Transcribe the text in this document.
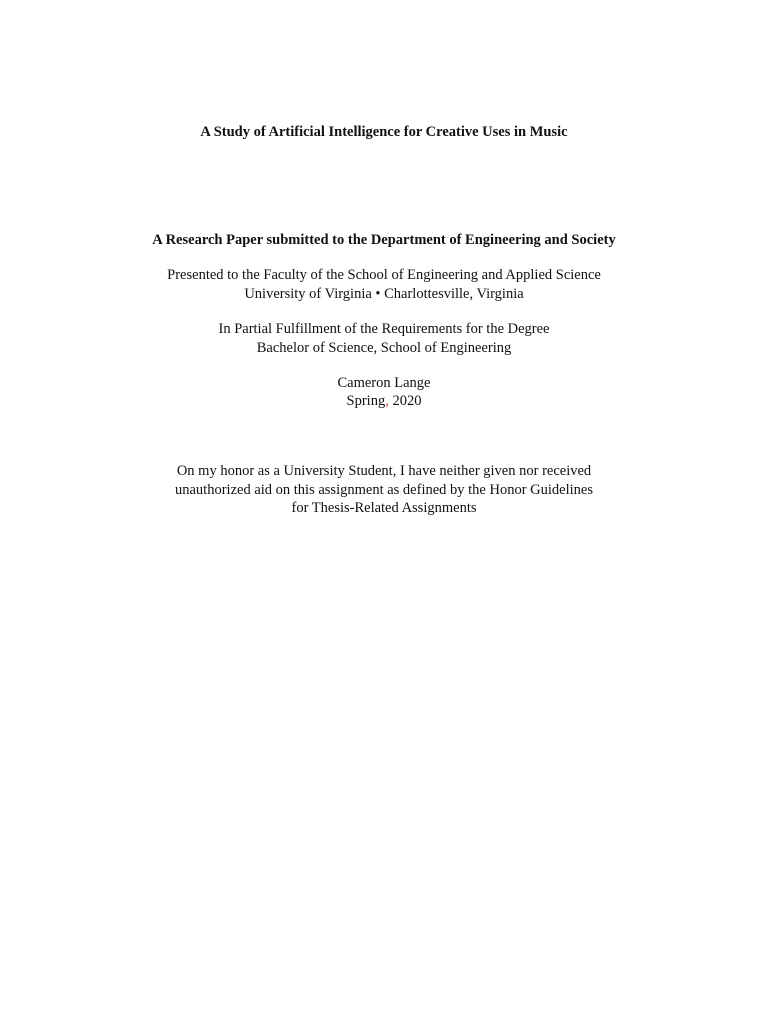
A Study of Artificial Intelligence for Creative Uses in Music
A Research Paper submitted to the Department of Engineering and Society
Presented to the Faculty of the School of Engineering and Applied Science
University of Virginia • Charlottesville, Virginia
In Partial Fulfillment of the Requirements for the Degree
Bachelor of Science, School of Engineering
Cameron Lange
Spring, 2020
On my honor as a University Student, I have neither given nor received
unauthorized aid on this assignment as defined by the Honor Guidelines
for Thesis-Related Assignments
